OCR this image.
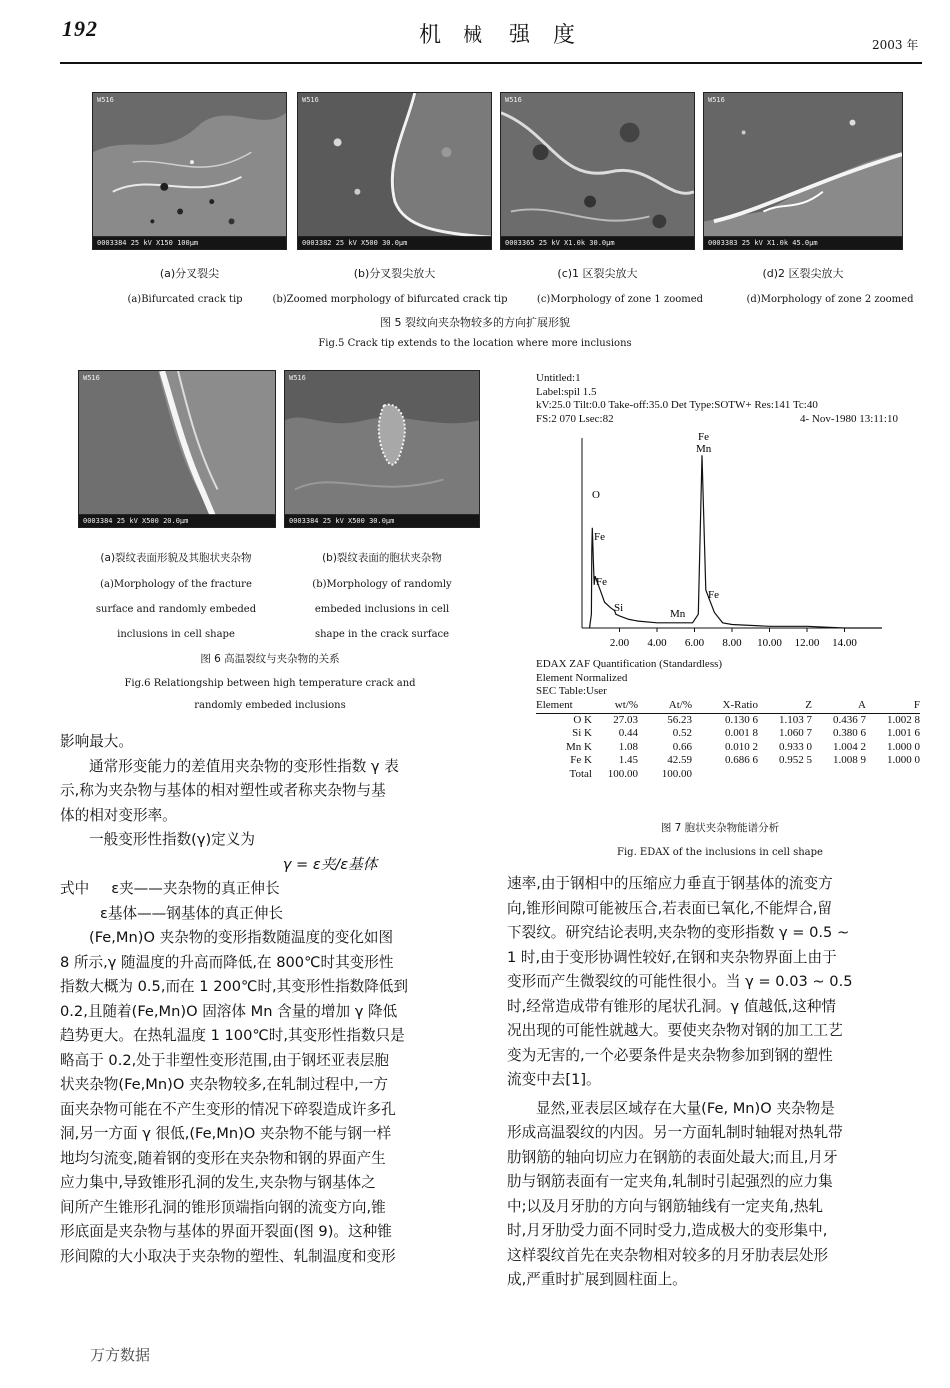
192	机 械 强 度	2003 年
W516
0003384 25 kV X150 100μm
W516
0003382 25 kV X500 30.0μm
W516
0003365 25 kV X1.0k 30.0μm
W516
0003383 25 kV X1.0k 45.0μm
(a)分叉裂尖	(b)分叉裂尖放大	(c)1 区裂尖放大	(d)2 区裂尖放大
(a)Bifurcated crack tip	(b)Zoomed morphology of bifurcated crack tip	(c)Morphology of zone 1 zoomed	(d)Morphology of zone 2 zoomed
图 5 裂纹向夹杂物较多的方向扩展形貌
Fig.5 Crack tip extends to the location where more inclusions
W516
0003384 25 kV X500 20.0μm
W516
0003384 25 kV X500 30.0μm
(a)裂纹表面形貌及其胞状夹杂物	(b)裂纹表面的胞状夹杂物
(a)Morphology of the fracture
surface and randomly embeded
inclusions in cell shape
(b)Morphology of randomly
embeded inclusions in cell
shape in the crack surface
图 6 高温裂纹与夹杂物的关系
Fig.6 Relationgship between high temperature crack and
randomly embeded inclusions
Untitled:1
Label:spil 1.5
kV:25.0 Tilt:0.0 Take-off:35.0 Det Type:SOTW+ Res:141 Tc:40
FS:2 070 Lsec:82	4- Nov-1980 13:11:10
2.00 4.00 6.00 8.00 10.00 12.00 14.00
Fe
Mn
O
Fe
Fe
Si	Mn
Fe
EDAX ZAF Quantification (Standardless)
Element Normalized
SEC Table:User
Element	wt/%	At/%	X-Ratio	Z	A	F
O K	27.03	56.23	0.130 6	1.103 7	0.436 7	1.002 8
Si K	0.44	0.52	0.001 8	1.060 7	0.380 6	1.001 6
Mn K	1.08	0.66	0.010 2	0.933 0	1.004 2	1.000 0
Fe K	1.45	42.59	0.686 6	0.952 5	1.008 9	1.000 0
Total	100.00	100.00				
图 7 胞状夹杂物能谱分析
Fig. EDAX of the inclusions in cell shape
影响最大。
通常形变能力的差值用夹杂物的变形性指数 γ 表
示,称为夹杂物与基体的相对塑性或者称夹杂物与基
体的相对变形率。
一般变形性指数(γ)定义为
γ = ε夹/ε基体
式中 ε夹——夹杂物的真正伸长
ε基体——钢基体的真正伸长
(Fe,Mn)O 夹杂物的变形指数随温度的变化如图
8 所示,γ 随温度的升高而降低,在 800℃时其变形性
指数大概为 0.5,而在 1 200℃时,其变形性指数降低到
0.2,且随着(Fe,Mn)O 固溶体 Mn 含量的增加 γ 降低
趋势更大。在热轧温度 1 100℃时,其变形性指数只是
略高于 0.2,处于非塑性变形范围,由于钢坯亚表层胞
状夹杂物(Fe,Mn)O 夹杂物较多,在轧制过程中,一方
面夹杂物可能在不产生变形的情况下碎裂造成许多孔
洞,另一方面 γ 很低,(Fe,Mn)O 夹杂物不能与钢一样
地均匀流变,随着钢的变形在夹杂物和钢的界面产生
应力集中,导致锥形孔洞的发生,夹杂物与钢基体之
间所产生锥形孔洞的锥形顶端指向钢的流变方向,锥
形底面是夹杂物与基体的界面开裂面(图 9)。这种锥
形间隙的大小取决于夹杂物的塑性、轧制温度和变形
速率,由于钢相中的压缩应力垂直于钢基体的流变方
向,锥形间隙可能被压合,若表面已氧化,不能焊合,留
下裂纹。研究结论表明,夹杂物的变形指数 γ = 0.5 ~
1 时,由于变形协调性较好,在钢和夹杂物界面上由于
变形而产生微裂纹的可能性很小。当 γ = 0.03 ~ 0.5
时,经常造成带有锥形的尾状孔洞。γ 值越低,这种情
况出现的可能性就越大。要使夹杂物对钢的加工工艺
变为无害的,一个必要条件是夹杂物参加到钢的塑性
流变中去[1]。
显然,亚表层区域存在大量(Fe, Mn)O 夹杂物是
形成高温裂纹的内因。另一方面轧制时轴辊对热轧带
肋钢筋的轴向切应力在钢筋的表面处最大;而且,月牙
肋与钢筋表面有一定夹角,轧制时引起强烈的应力集
中;以及月牙肋的方向与钢筋轴线有一定夹角,热轧
时,月牙肋受力面不同时受力,造成极大的变形集中,
这样裂纹首先在夹杂物相对较多的月牙肋表层处形
成,严重时扩展到圆柱面上。
万方数据
